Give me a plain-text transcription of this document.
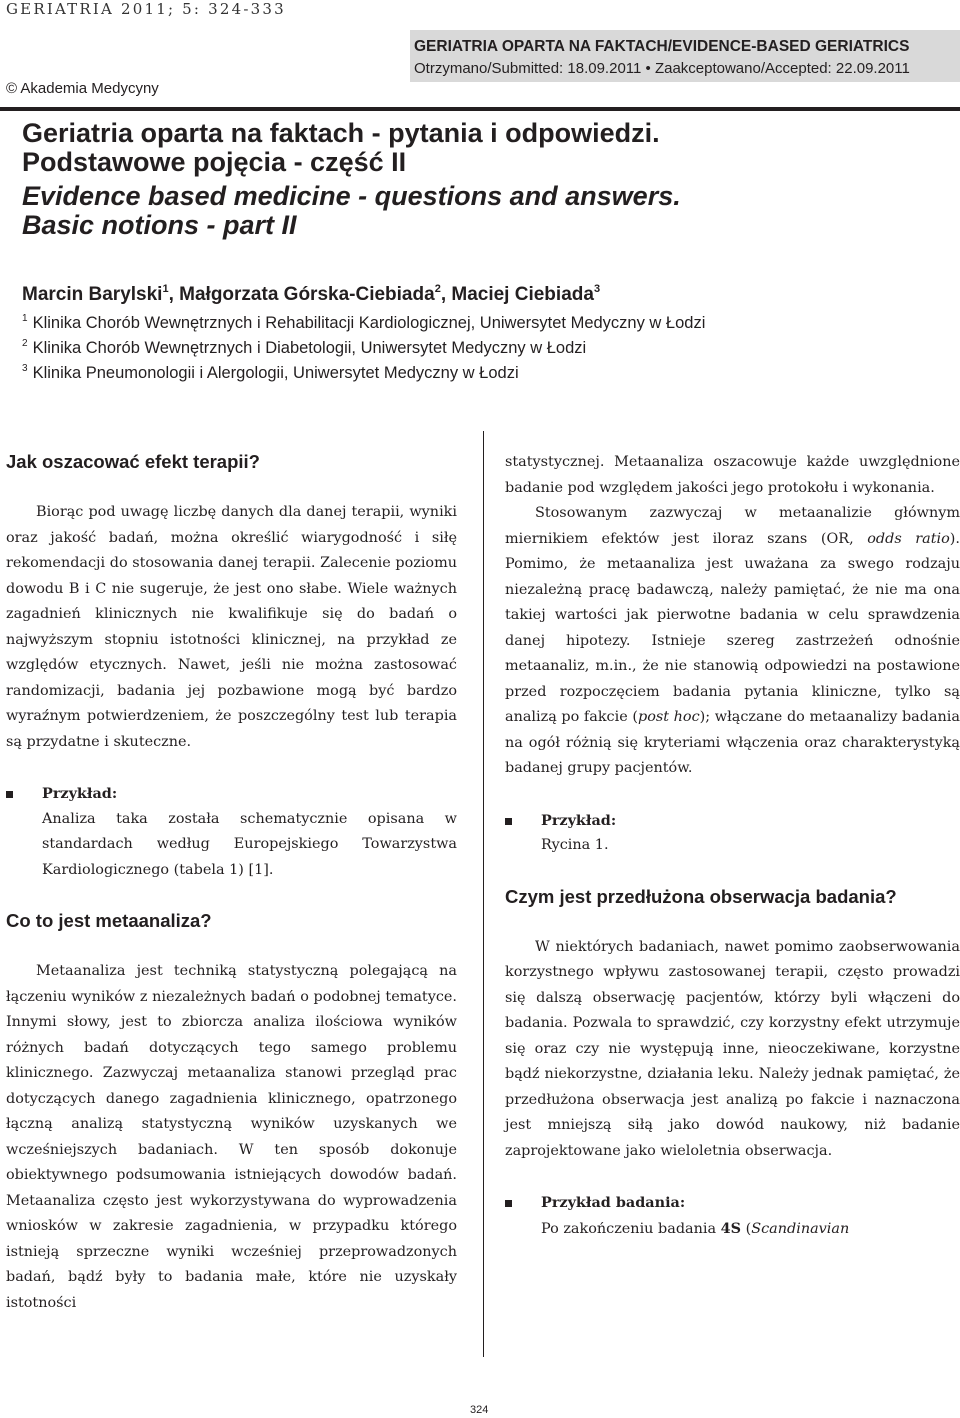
GERIATRIA 2011; 5: 324-333
© Akademia Medycyny
GERIATRIA OPARTA NA FAKTACH/EVIDENCE-BASED GERIATRICS
Otrzymano/Submitted: 18.09.2011 • Zaakceptowano/Accepted: 22.09.2011
Geriatria oparta na faktach - pytania i odpowiedzi.
Podstawowe pojęcia - część II
Evidence based medicine - questions and answers.
Basic notions - part II
Marcin Barylski$^1$, Małgorzata Górska-Ciebiada$^2$, Maciej Ciebiada$^3$
$^1$ Klinika Chorób Wewnętrznych i Rehabilitacji Kardiologicznej, Uniwersytet Medyczny w Łodzi
$^2$ Klinika Chorób Wewnętrznych i Diabetologii, Uniwersytet Medyczny w Łodzi
$^3$ Klinika Pneumonologii i Alergologii, Uniwersytet Medyczny w Łodzi
Jak oszacować efekt terapii?

Biorąc pod uwagę liczbę danych dla danej terapii, wyniki oraz jakość badań, można określić wiarygodność i siłę rekomendacji do stosowania danej terapii. Zalecenie poziomu dowodu B i C nie sugeruje, że jest ono słabe. Wiele ważnych zagadnień klinicznych nie kwalifikuje się do badań o najwyższym stopniu istotności klinicznej, na przykład ze względów etycznych. Nawet, jeśli nie można zastosować randomizacji, badania jej pozbawione mogą być bardzo wyraźnym potwierdzeniem, że poszczególny test lub terapia są przydatne i skuteczne.

Przykład:
Analiza taka została schematycznie opisana w standardach według Europejskiego Towarzystwa Kardiologicznego (tabela 1) [1].
Co to jest metaanaliza?

Metaanaliza jest techniką statystyczną polegającą na łączeniu wyników z niezależnych badań o podobnej tematyce. Innymi słowy, jest to zbiorcza analiza ilościowa wyników różnych badań dotyczących tego samego problemu klinicznego. Zazwyczaj metaanaliza stanowi przegląd prac dotyczących danego zagadnienia klinicznego, opatrzonego łączną analizą statystyczną wyników uzyskanych we wcześniejszych badaniach. W ten sposób dokonuje obiektywnego podsumowania istniejących dowodów badań. Metaanaliza często jest wykorzystywana do wyprowadzenia wniosków w zakresie zagadnienia, w przypadku którego istnieją sprzeczne wyniki wcześniej przeprowadzonych badań, bądź były to badania małe, które nie uzyskały istotności

statystycznej. Metaanaliza oszacowuje każde uwzględnione badanie pod względem jakości jego protokołu i wykonania.

Stosowanym zazwyczaj w metaanalizie głównym miernikiem efektów jest iloraz szans (OR, odds ratio). Pomimo, że metaanaliza jest uważana za swego rodzaju niezależną pracę badawczą, należy pamiętać, że nie ma ona takiej wartości jak pierwotne badania w celu sprawdzenia danej hipotezy. Istnieje szereg zastrzeżeń odnośnie metaanaliz, m.in., że nie stanowią odpowiedzi na postawione przed rozpoczęciem badania pytania kliniczne, tylko są analizą po fakcie (post hoc); włączane do metaanalizy badania na ogół różnią się kryteriami włączenia oraz charakterystyką badanej grupy pacjentów.

Przykład:
Rycina 1.
Czym jest przedłużona obserwacja badania?

W niektórych badaniach, nawet pomimo zaobserwowania korzystnego wpływu zastosowanej terapii, często prowadzi się dalszą obserwację pacjentów, którzy byli włączeni do badania. Pozwala to sprawdzić, czy korzystny efekt utrzymuje się oraz czy nie występują inne, nieoczekiwane, korzystne bądź niekorzystne, działania leku. Należy jednak pamiętać, że przedłużona obserwacja jest analizą po fakcie i naznaczona jest mniejszą siłą jako dowód naukowy, niż badanie zaprojektowane jako wieloletnia obserwacja.

Przykład badania:
Po zakończeniu badania 4S (Scandinavian
324
